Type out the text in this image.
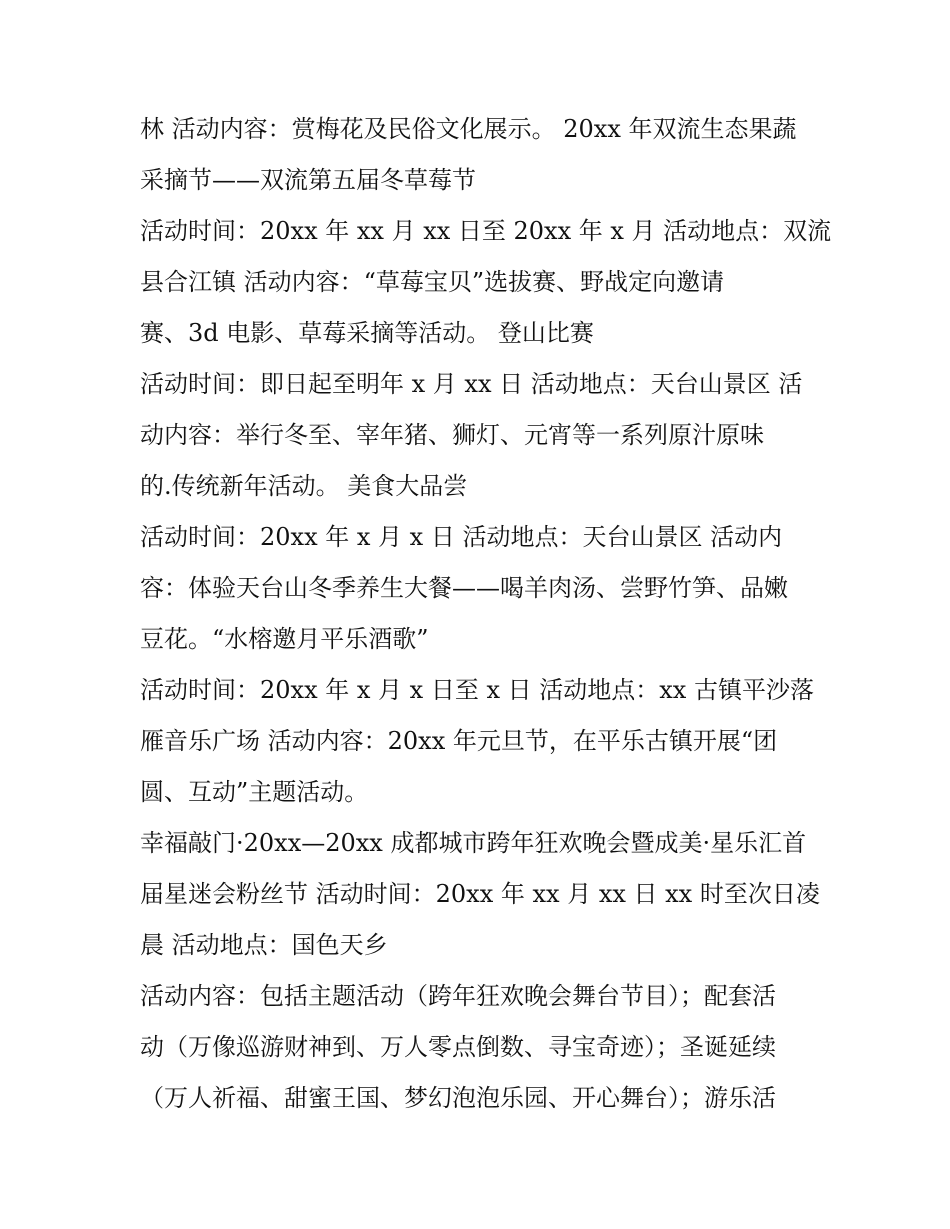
林 活动内容：赏梅花及民俗文化展示。 20xx 年双流生态果蔬
采摘节——双流第五届冬草莓节
活动时间：20xx 年 xx 月 xx 日至 20xx 年 x 月 活动地点：双流
县合江镇 活动内容：“草莓宝贝”选拔赛、野战定向邀请
赛、3d 电影、草莓采摘等活动。 登山比赛
活动时间：即日起至明年 x 月 xx 日 活动地点：天台山景区 活
动内容：举行冬至、宰年猪、狮灯、元宵等一系列原汁原味
的.传统新年活动。 美食大品尝
活动时间：20xx 年 x 月 x 日 活动地点：天台山景区 活动内
容：体验天台山冬季养生大餐——喝羊肉汤、尝野竹笋、品嫩
豆花。“水榕邀月平乐酒歌”
活动时间：20xx 年 x 月 x 日至 x 日 活动地点：xx 古镇平沙落
雁音乐广场 活动内容：20xx 年元旦节，在平乐古镇开展“团
圆、互动”主题活动。
幸福敲门·20xx—20xx 成都城市跨年狂欢晚会暨成美·星乐汇首
届星迷会粉丝节 活动时间：20xx 年 xx 月 xx 日 xx 时至次日凌
晨 活动地点：国色天乡
活动内容：包括主题活动（跨年狂欢晚会舞台节目）；配套活
动（万像巡游财神到、万人零点倒数、寻宝奇迹）；圣诞延续
（万人祈福、甜蜜王国、梦幻泡泡乐园、开心舞台）；游乐活
